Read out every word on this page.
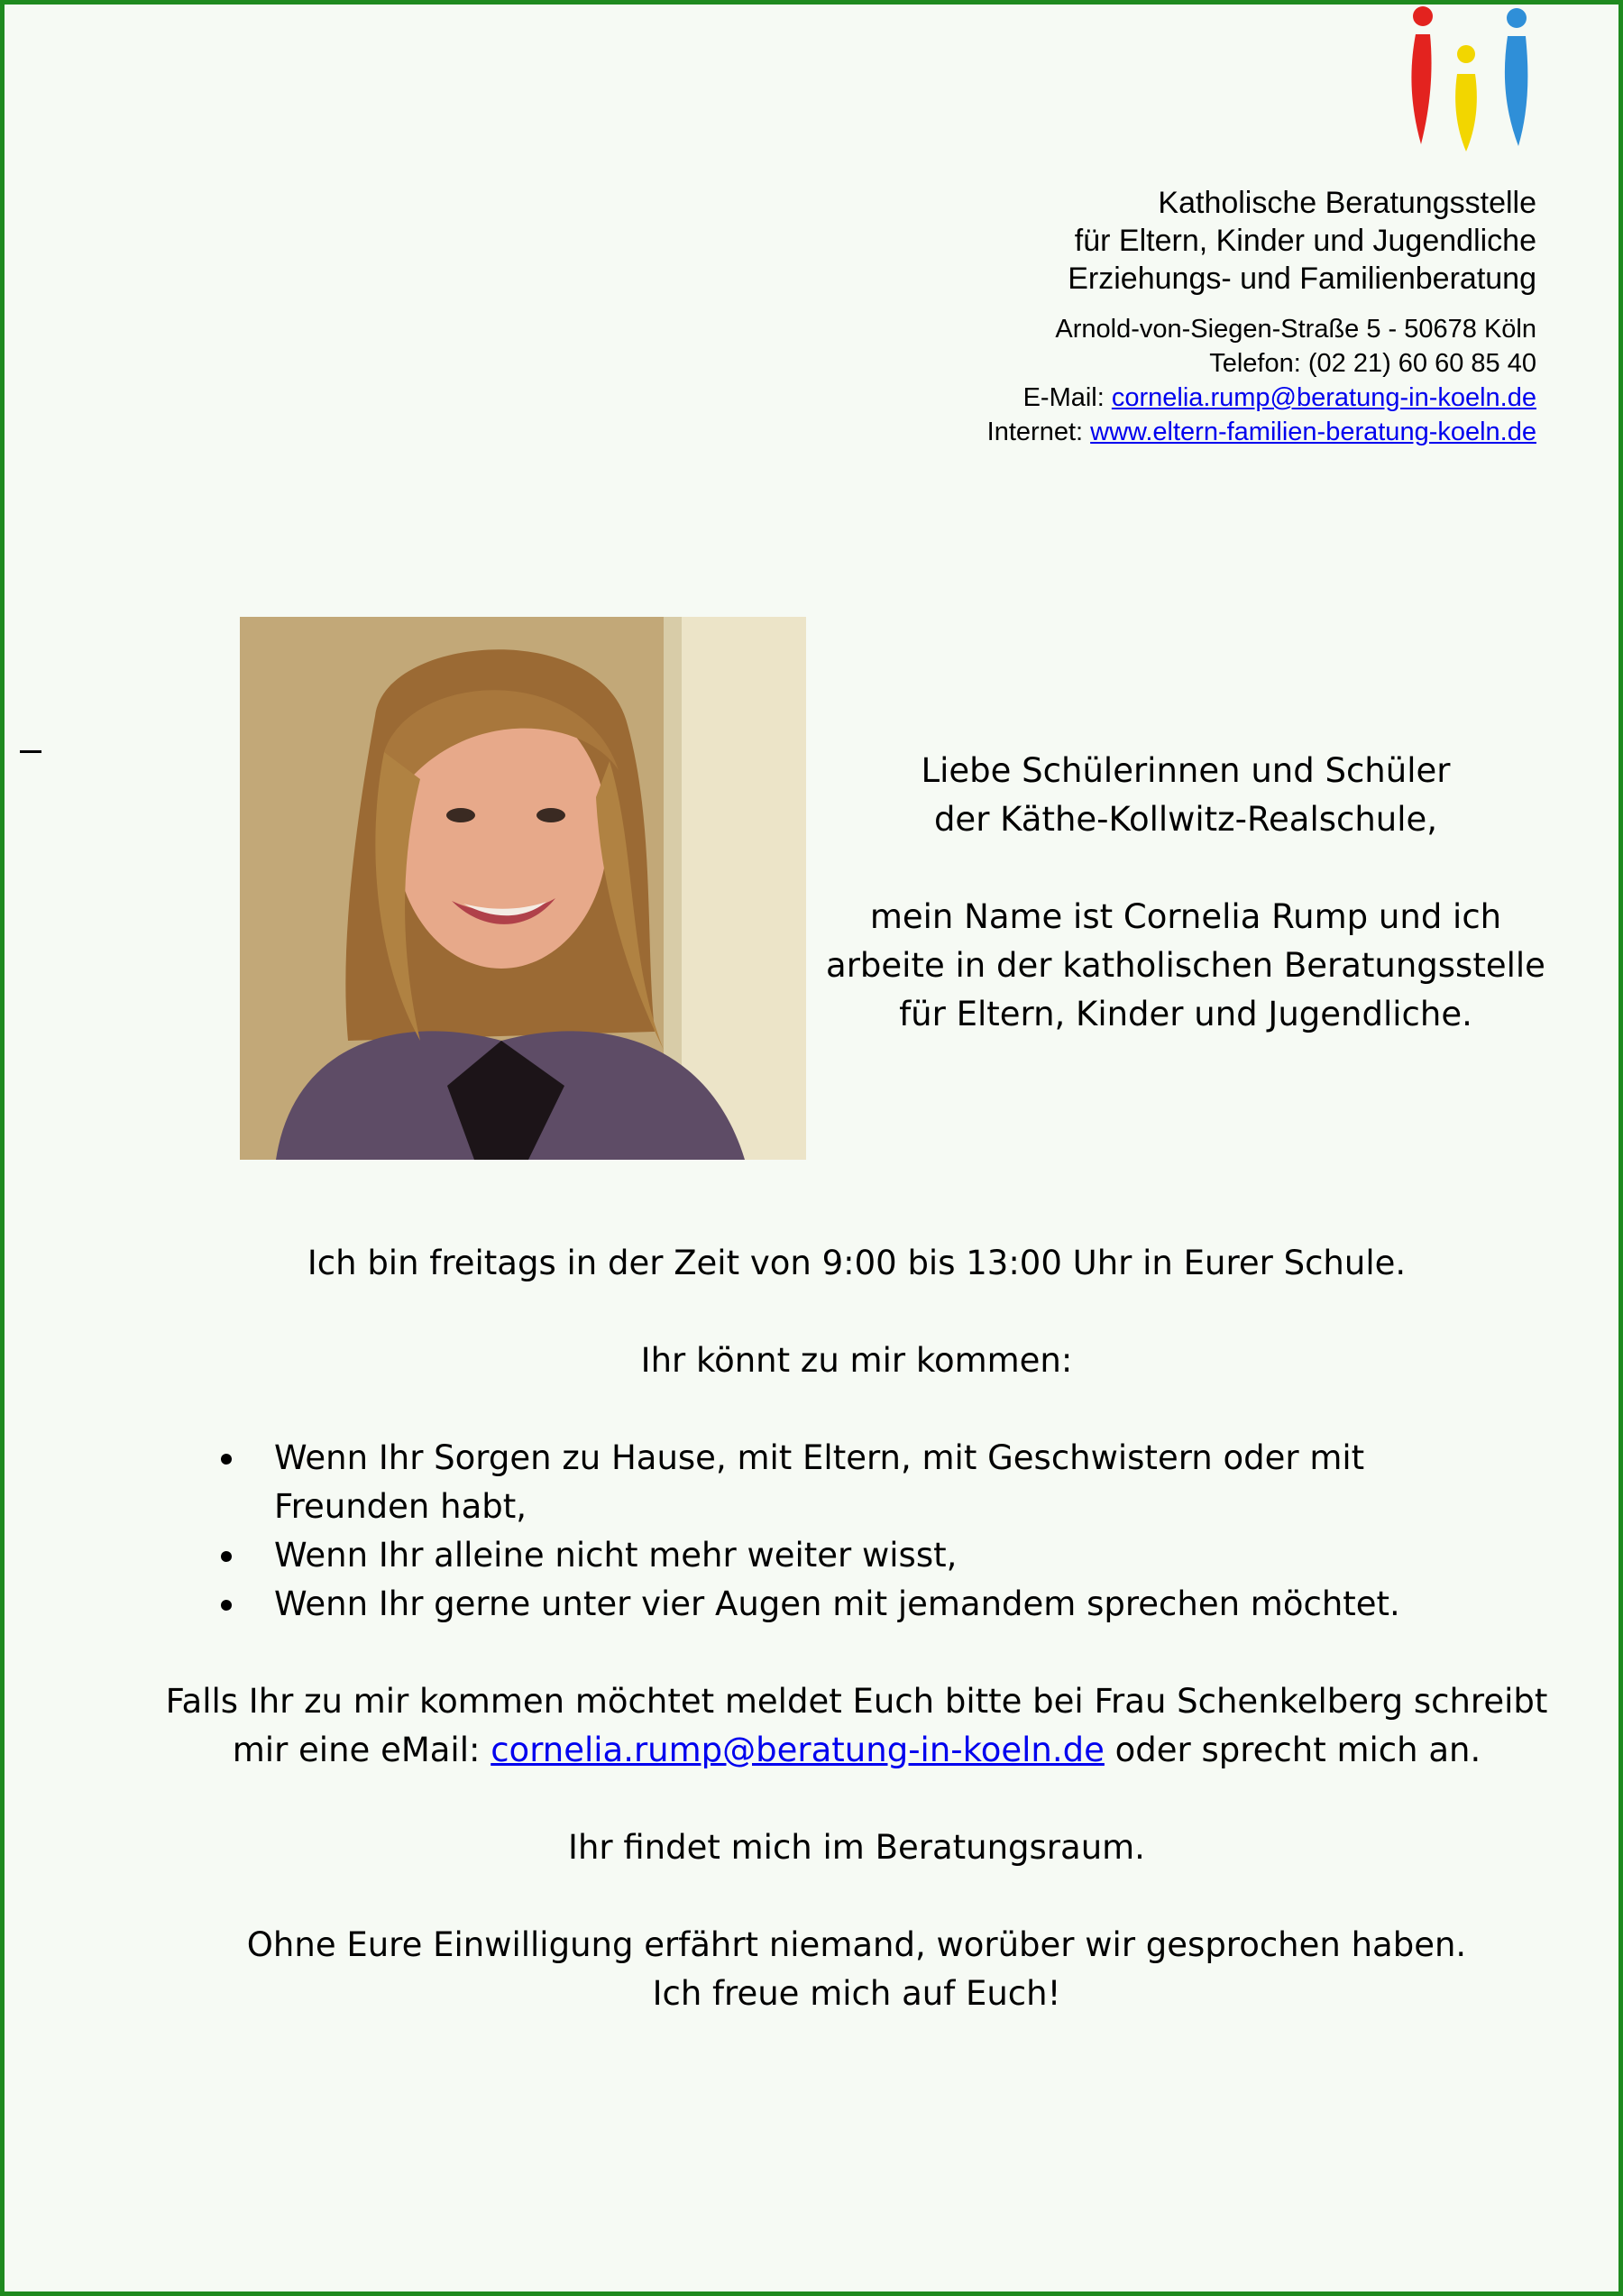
Katholische Beratungsstelle
für Eltern, Kinder und Jugendliche
Erziehungs- und Familienberatung
Arnold-von-Siegen-Straße 5 - 50678 Köln
Telefon: (02 21) 60 60 85 40
E-Mail: cornelia.rump@beratung-in-koeln.de
Internet: www.eltern-familien-beratung-koeln.de

Liebe Schülerinnen und Schüler

der Käthe-Kollwitz-Realschule,

mein Name ist Cornelia Rump und ich

arbeite in der katholischen Beratungsstelle

für Eltern, Kinder und Jugendliche.

Ich bin freitags in der Zeit von 9:00 bis 13:00 Uhr in Eurer Schule.

Ihr könnt zu mir kommen:

Wenn Ihr Sorgen zu Hause, mit Eltern, mit Geschwistern oder mit Freunden habt,
Wenn Ihr alleine nicht mehr weiter wisst,
Wenn Ihr gerne unter vier Augen mit jemandem sprechen möchtet.

Falls Ihr zu mir kommen möchtet meldet Euch bitte bei Frau Schenkelberg schreibt

mir eine eMail: cornelia.rump@beratung-in-koeln.de oder sprecht mich an.

Ihr findet mich im Beratungsraum.

Ohne Eure Einwilligung erfährt niemand, worüber wir gesprochen haben.

Ich freue mich auf Euch!
